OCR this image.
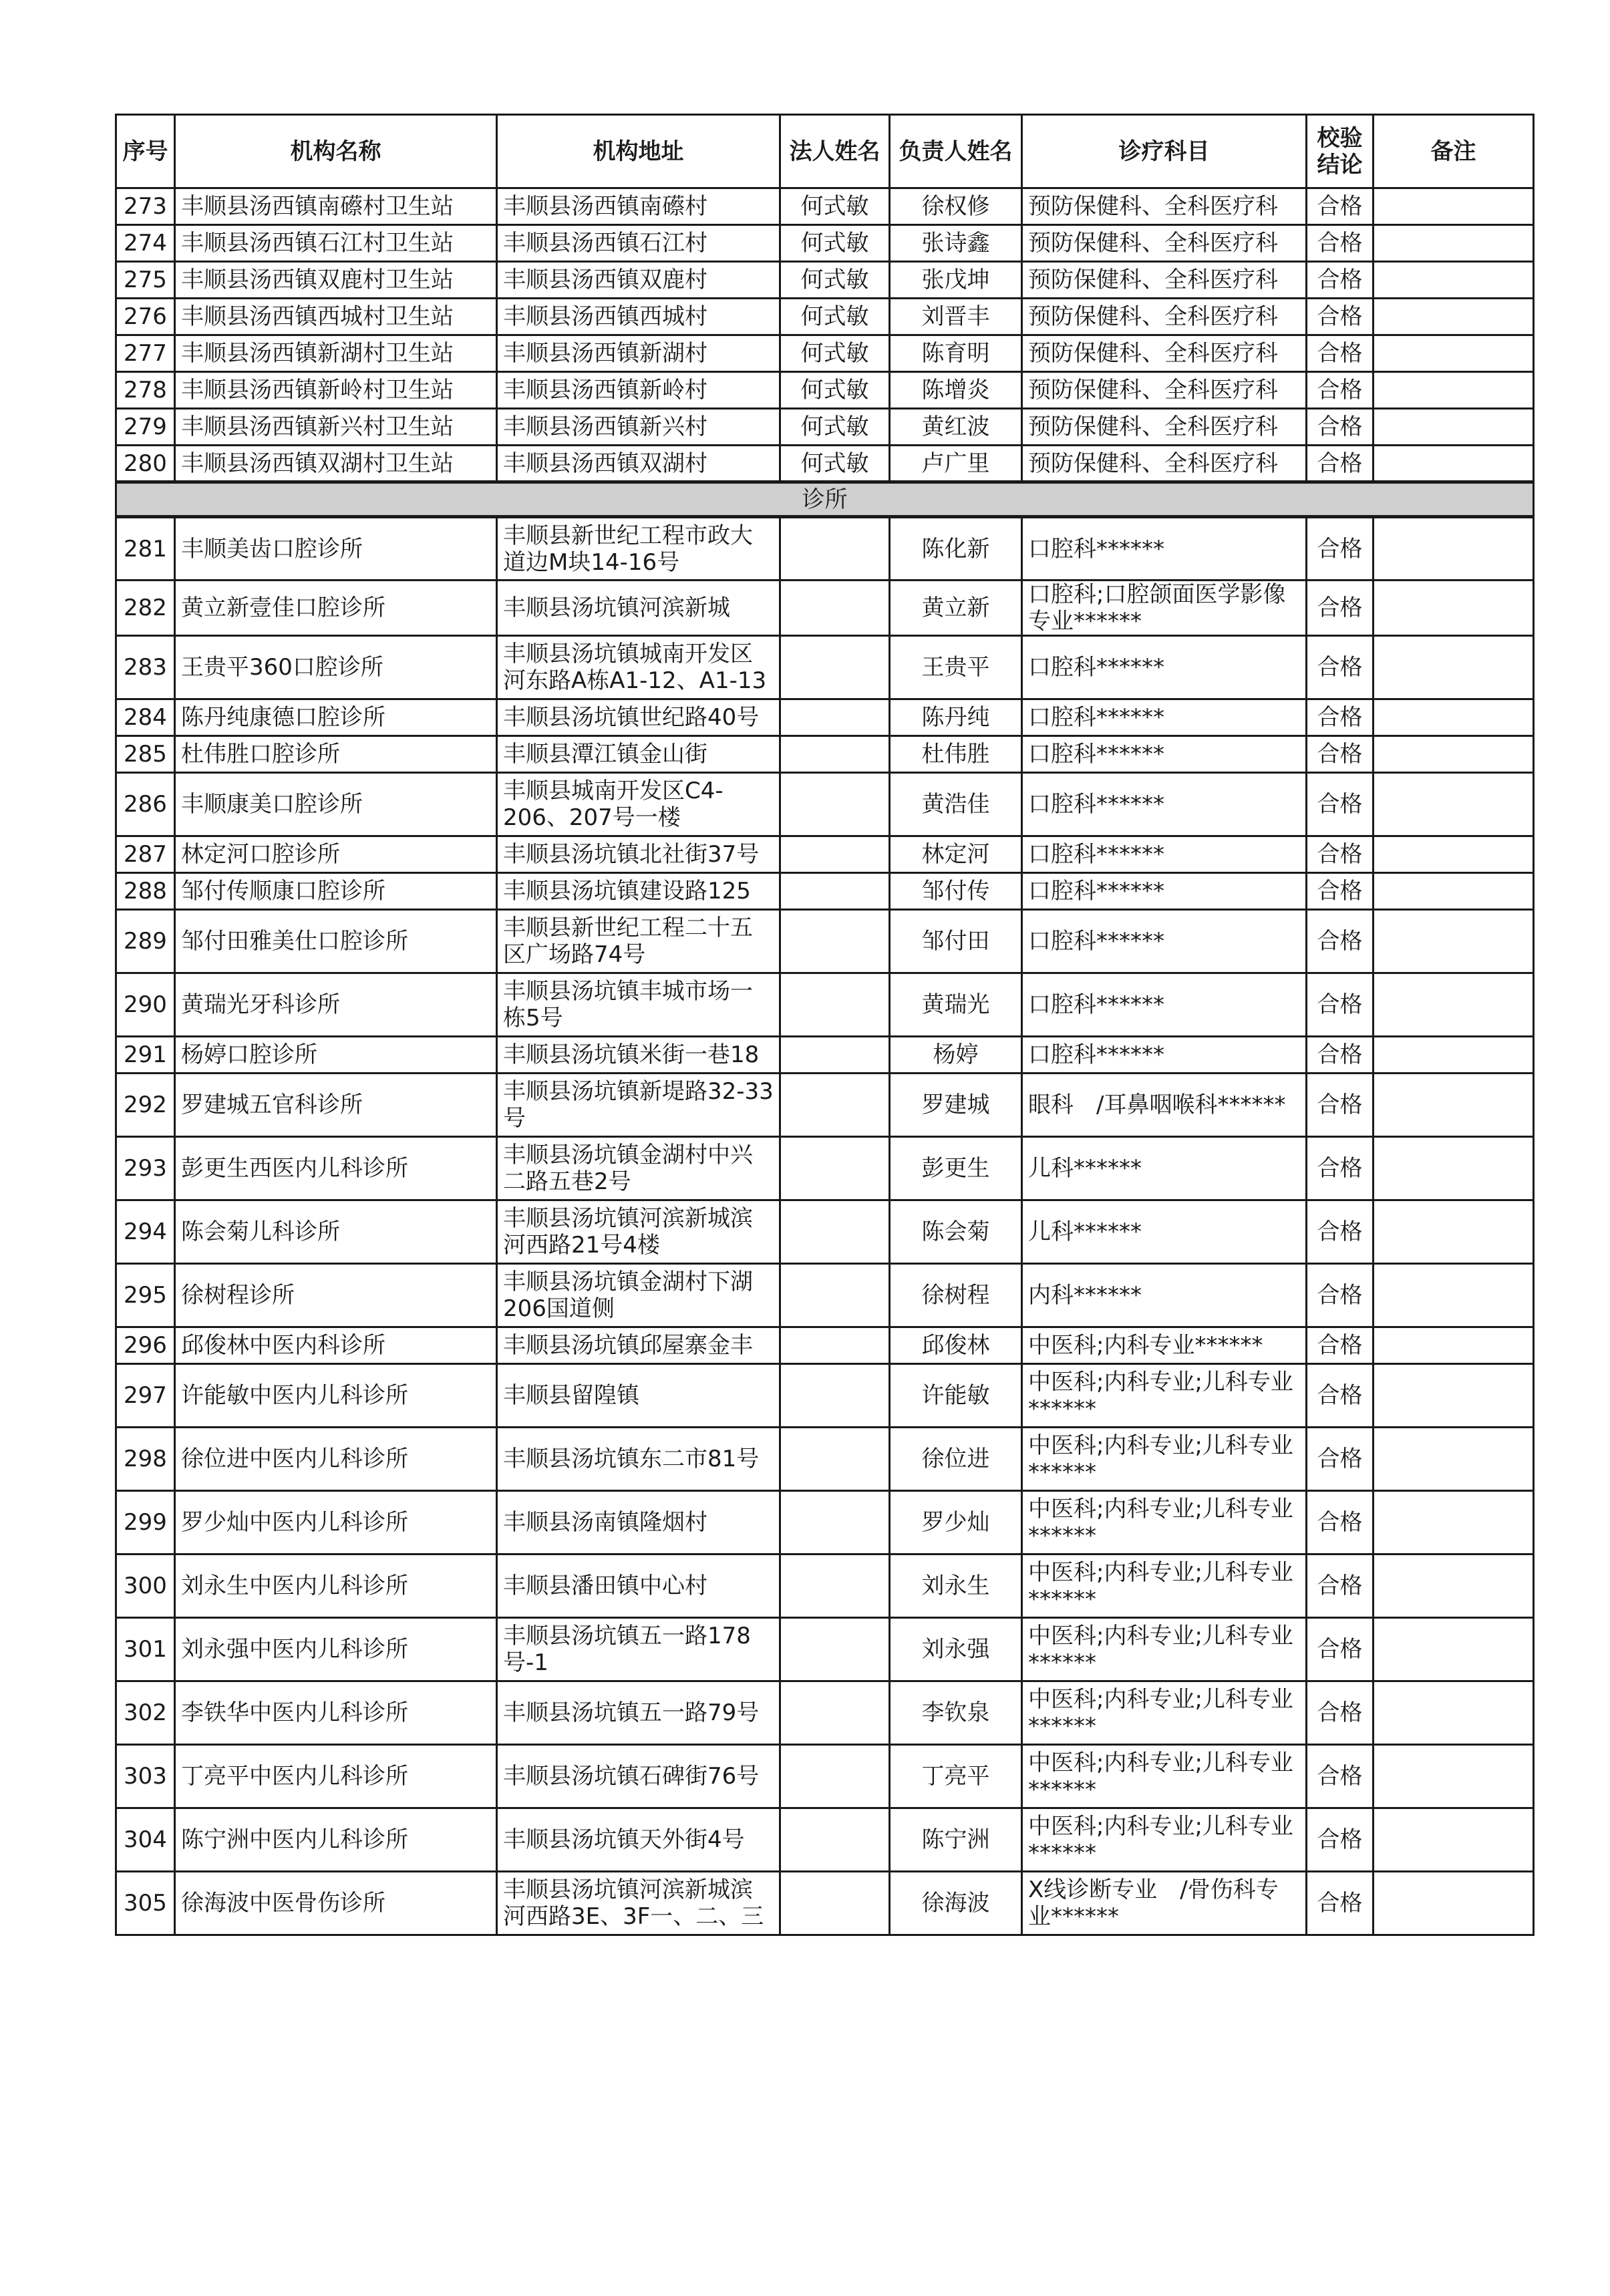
序号	机构名称	机构地址	法人姓名	负责人姓名	诊疗科目	校验结论	备注
273	丰顺县汤西镇南礤村卫生站	丰顺县汤西镇南礤村	何式敏	徐权修	预防保健科、全科医疗科	合格	
274	丰顺县汤西镇石江村卫生站	丰顺县汤西镇石江村	何式敏	张诗鑫	预防保健科、全科医疗科	合格	
275	丰顺县汤西镇双鹿村卫生站	丰顺县汤西镇双鹿村	何式敏	张戊坤	预防保健科、全科医疗科	合格	
276	丰顺县汤西镇西城村卫生站	丰顺县汤西镇西城村	何式敏	刘晋丰	预防保健科、全科医疗科	合格	
277	丰顺县汤西镇新湖村卫生站	丰顺县汤西镇新湖村	何式敏	陈育明	预防保健科、全科医疗科	合格	
278	丰顺县汤西镇新岭村卫生站	丰顺县汤西镇新岭村	何式敏	陈增炎	预防保健科、全科医疗科	合格	
279	丰顺县汤西镇新兴村卫生站	丰顺县汤西镇新兴村	何式敏	黄红波	预防保健科、全科医疗科	合格	
280	丰顺县汤西镇双湖村卫生站	丰顺县汤西镇双湖村	何式敏	卢广里	预防保健科、全科医疗科	合格	
诊所							
281	丰顺美齿口腔诊所	丰顺县新世纪工程市政大道边M块14-16号		陈化新	口腔科******	合格	
282	黄立新壹佳口腔诊所	丰顺县汤坑镇河滨新城		黄立新	口腔科;口腔颌面医学影像专业******	合格	
283	王贵平360口腔诊所	丰顺县汤坑镇城南开发区河东路A栋A1-12、A1-13		王贵平	口腔科******	合格	
284	陈丹纯康德口腔诊所	丰顺县汤坑镇世纪路40号		陈丹纯	口腔科******	合格	
285	杜伟胜口腔诊所	丰顺县潭江镇金山街		杜伟胜	口腔科******	合格	
286	丰顺康美口腔诊所	丰顺县城南开发区C4-206、207号一楼		黄浩佳	口腔科******	合格	
287	林定河口腔诊所	丰顺县汤坑镇北社街37号		林定河	口腔科******	合格	
288	邹付传顺康口腔诊所	丰顺县汤坑镇建设路125		邹付传	口腔科******	合格	
289	邹付田雅美仕口腔诊所	丰顺县新世纪工程二十五区广场路74号		邹付田	口腔科******	合格	
290	黄瑞光牙科诊所	丰顺县汤坑镇丰城市场一栋5号		黄瑞光	口腔科******	合格	
291	杨婷口腔诊所	丰顺县汤坑镇米街一巷18		杨婷	口腔科******	合格	
292	罗建城五官科诊所	丰顺县汤坑镇新堤路32-33号		罗建城	眼科　/耳鼻咽喉科******	合格	
293	彭更生西医内儿科诊所	丰顺县汤坑镇金湖村中兴二路五巷2号		彭更生	儿科******	合格	
294	陈会菊儿科诊所	丰顺县汤坑镇河滨新城滨河西路21号4楼		陈会菊	儿科******	合格	
295	徐树程诊所	丰顺县汤坑镇金湖村下湖206国道侧		徐树程	内科******	合格	
296	邱俊林中医内科诊所	丰顺县汤坑镇邱屋寨金丰		邱俊林	中医科;内科专业******	合格	
297	许能敏中医内儿科诊所	丰顺县留隍镇		许能敏	中医科;内科专业;儿科专业******	合格	
298	徐位进中医内儿科诊所	丰顺县汤坑镇东二市81号		徐位进	中医科;内科专业;儿科专业******	合格	
299	罗少灿中医内儿科诊所	丰顺县汤南镇隆烟村		罗少灿	中医科;内科专业;儿科专业******	合格	
300	刘永生中医内儿科诊所	丰顺县潘田镇中心村		刘永生	中医科;内科专业;儿科专业******	合格	
301	刘永强中医内儿科诊所	丰顺县汤坑镇五一路178号-1		刘永强	中医科;内科专业;儿科专业******	合格	
302	李铁华中医内儿科诊所	丰顺县汤坑镇五一路79号		李钦泉	中医科;内科专业;儿科专业******	合格	
303	丁亮平中医内儿科诊所	丰顺县汤坑镇石碑街76号		丁亮平	中医科;内科专业;儿科专业******	合格	
304	陈宁洲中医内儿科诊所	丰顺县汤坑镇天外街4号		陈宁洲	中医科;内科专业;儿科专业******	合格	
305	徐海波中医骨伤诊所	丰顺县汤坑镇河滨新城滨河西路3E、3F一、二、三		徐海波	X线诊断专业　/骨伤科专业******	合格	
